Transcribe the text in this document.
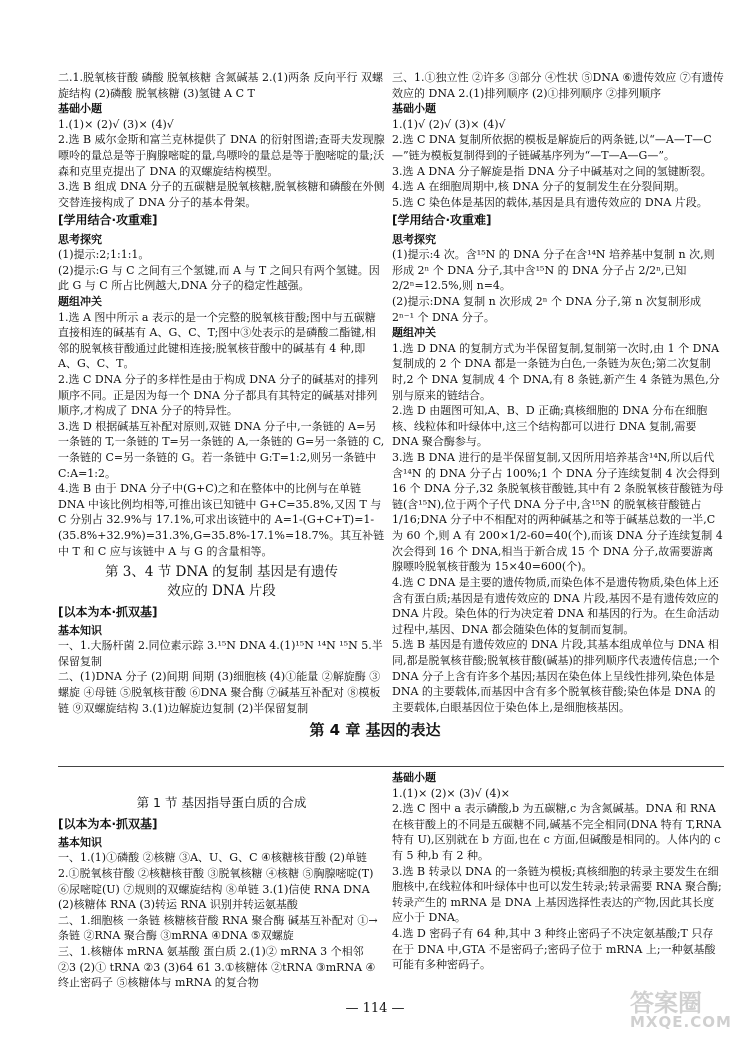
二.1.脱氧核苷酸 磷酸 脱氧核糖 含氮碱基 2.(1)两条 反向平行 双螺旋结构 (2)磷酸 脱氧核糖 (3)氢键 A C T

基础小题

1.(1)× (2)√ (3)× (4)√

2.选 B 威尔金斯和富兰克林提供了 DNA 的衍射图谱;查哥夫发现腺嘌呤的量总是等于胸腺嘧啶的量,鸟嘌呤的量总是等于胞嘧啶的量;沃森和克里克提出了 DNA 的双螺旋结构模型。

3.选 B 组成 DNA 分子的五碳糖是脱氧核糖,脱氧核糖和磷酸在外侧交替连接构成了 DNA 分子的基本骨架。

[ 学用结合·攻重难 ]

思考探究

(1)提示:2;1:1:1。

(2)提示:G 与 C 之间有三个氢键,而 A 与 T 之间只有两个氢键。因此 G 与 C 所占比例越大,DNA 分子的稳定性越强。

题组冲关

1.选 A 图中所示 a 表示的是一个完整的脱氧核苷酸;图中与五碳糖直接相连的碱基有 A、G、C、T;图中③处表示的是磷酸二酯键,相邻的脱氧核苷酸通过此键相连接;脱氧核苷酸中的碱基有 4 种,即 A、G、C、T。

2.选 C DNA 分子的多样性是由于构成 DNA 分子的碱基对的排列顺序不同。正是因为每一个 DNA 分子都具有其特定的碱基对排列顺序,才构成了 DNA 分子的特异性。

3.选 D 根据碱基互补配对原则,双链 DNA 分子中,一条链的 A=另一条链的 T,一条链的 T=另一条链的 A,一条链的 G=另一条链的 C,一条链的 C=另一条链的 G。若一条链中 G:T=1:2,则另一条链中 C:A=1:2。

4.选 B 由于 DNA 分子中(G+C)之和在整体中的比例与在单链 DNA 中该比例均相等,可推出该已知链中 G+C=35.8%,又因 T 与 C 分别占 32.9%与 17.1%,可求出该链中的 A=1-(G+C+T)=1-(35.8%+32.9%)=31.3%,G=35.8%-17.1%=18.7%。其互补链中 T 和 C 应与该链中 A 与 G 的含量相等。

第 3、4 节 DNA 的复制 基因是有遗传

效应的 DNA 片段

[ 以本为本·抓双基 ]

基本知识

一、1.大肠杆菌 2.同位素示踪 3.¹⁵N DNA 4.(1)¹⁵N ¹⁴N ¹⁵N 5.半保留复制

二、(1)DNA 分子 (2)间期 间期 (3)细胞核 (4)①能量 ②解旋酶 ③螺旋 ④母链 ⑤脱氧核苷酸 ⑥DNA 聚合酶 ⑦碱基互补配对 ⑧模板链 ⑨双螺旋结构 3.(1)边解旋边复制 (2)半保留复制

三、1.①独立性 ②许多 ③部分 ④性状 ⑤DNA ⑥遗传效应 ⑦有遗传效应的 DNA 2.(1)排列顺序 (2)①排列顺序 ②排列顺序

基础小题

1.(1)√ (2)√ (3)× (4)√

2.选 C DNA 复制所依据的模板是解旋后的两条链,以“—A—T—C—”链为模板复制得到的子链碱基序列为“—T—A—G—”。

3.选 A DNA 分子解旋是指 DNA 分子中碱基对之间的氢键断裂。

4.选 A 在细胞周期中,核 DNA 分子的复制发生在分裂间期。

5.选 C 染色体是基因的载体,基因是具有遗传效应的 DNA 片段。

[ 学用结合·攻重难 ]

思考探究

(1)提示:4 次。含¹⁵N 的 DNA 分子在含¹⁴N 培养基中复制 n 次,则形成 2ⁿ 个 DNA 分子,其中含¹⁵N 的 DNA 分子占 2/2ⁿ,已知 2/2ⁿ=12.5%,则 n=4。

(2)提示:DNA 复制 n 次形成 2ⁿ 个 DNA 分子,第 n 次复制形成 2ⁿ⁻¹ 个 DNA 分子。

题组冲关

1.选 D DNA 的复制方式为半保留复制,复制第一次时,由 1 个 DNA 复制成的 2 个 DNA 都是一条链为白色,一条链为灰色;第二次复制时,2 个 DNA 复制成 4 个 DNA,有 8 条链,新产生 4 条链为黑色,分别与原来的链结合。

2.选 D 由题图可知,A、B、D 正确;真核细胞的 DNA 分布在细胞核、线粒体和叶绿体中,这三个结构都可以进行 DNA 复制,需要 DNA 聚合酶参与。

3.选 B DNA 进行的是半保留复制,又因所用培养基含¹⁴N,所以后代含¹⁴N 的 DNA 分子占 100%;1 个 DNA 分子连续复制 4 次会得到 16 个 DNA 分子,32 条脱氧核苷酸链,其中有 2 条脱氧核苷酸链为母链(含¹⁵N),位于两个子代 DNA 分子中,含¹⁵N 的脱氧核苷酸链占 1/16;DNA 分子中不相配对的两种碱基之和等于碱基总数的一半,C 为 60 个,则 A 有 200×1/2-60=40(个),而该 DNA 分子连续复制 4 次会得到 16 个 DNA,相当于新合成 15 个 DNA 分子,故需要游离腺嘌呤脱氧核苷酸为 15×40=600(个)。

4.选 C DNA 是主要的遗传物质,而染色体不是遗传物质,染色体上还含有蛋白质;基因是有遗传效应的 DNA 片段,基因不是有遗传效应的 DNA 片段。染色体的行为决定着 DNA 和基因的行为。在生命活动过程中,基因、DNA 都会随染色体的复制而复制。

5.选 B 基因是有遗传效应的 DNA 片段,其基本组成单位与 DNA 相同,都是脱氧核苷酸;脱氧核苷酸(碱基)的排列顺序代表遗传信息;一个 DNA 分子上含有许多个基因;基因在染色体上呈线性排列,染色体是 DNA 的主要载体,而基因中含有多个脱氧核苷酸;染色体是 DNA 的主要载体,白眼基因位于染色体上,是细胞核基因。

第 4 章 基因的表达

第 1 节 基因指导蛋白质的合成

[ 以本为本·抓双基 ]

基本知识

一、1.(1)①磷酸 ②核糖 ③A、U、G、C ④核糖核苷酸 (2)单链

2.①脱氧核苷酸 ②核糖核苷酸 ③脱氧核糖 ④核糖 ⑤胸腺嘧啶(T) ⑥尿嘧啶(U) ⑦规则的双螺旋结构 ⑧单链 3.(1)信使 RNA DNA (2)核糖体 RNA (3)转运 RNA 识别并转运氨基酸

二、1.细胞核 一条链 核糖核苷酸 RNA 聚合酶 碱基互补配对 ①→条链 ②RNA 聚合酶 ③mRNA ④DNA ⑤双螺旋

三、1.核糖体 mRNA 氨基酸 蛋白质 2.(1)② mRNA 3 个相邻 ②3 (2)① tRNA ②3 (3)64 61 3.①核糖体 ②tRNA ③mRNA ④终止密码子 ⑤核糖体与 mRNA 的复合物

基础小题

1.(1)× (2)× (3)√ (4)×

2.选 C 图中 a 表示磷酸,b 为五碳糖,c 为含氮碱基。DNA 和 RNA 在核苷酸上的不同是五碳糖不同,碱基不完全相同(DNA 特有 T,RNA 特有 U),区别就在 b 方面,也在 c 方面,但碱酸是相同的。人体内的 c 有 5 种,b 有 2 种。

3.选 B 转录以 DNA 的一条链为模板;真核细胞的转录主要发生在细胞核中,在线粒体和叶绿体中也可以发生转录;转录需要 RNA 聚合酶;转录产生的 mRNA 是 DNA 上基因选择性表达的产物,因此其长度应小于 DNA。

4.选 D 密码子有 64 种,其中 3 种终止密码子不决定氨基酸;T 只存在于 DNA 中,GTA 不是密码子;密码子位于 mRNA 上;一种氨基酸可能有多种密码子。

— 114 —	答案圈
MXQE.COM
